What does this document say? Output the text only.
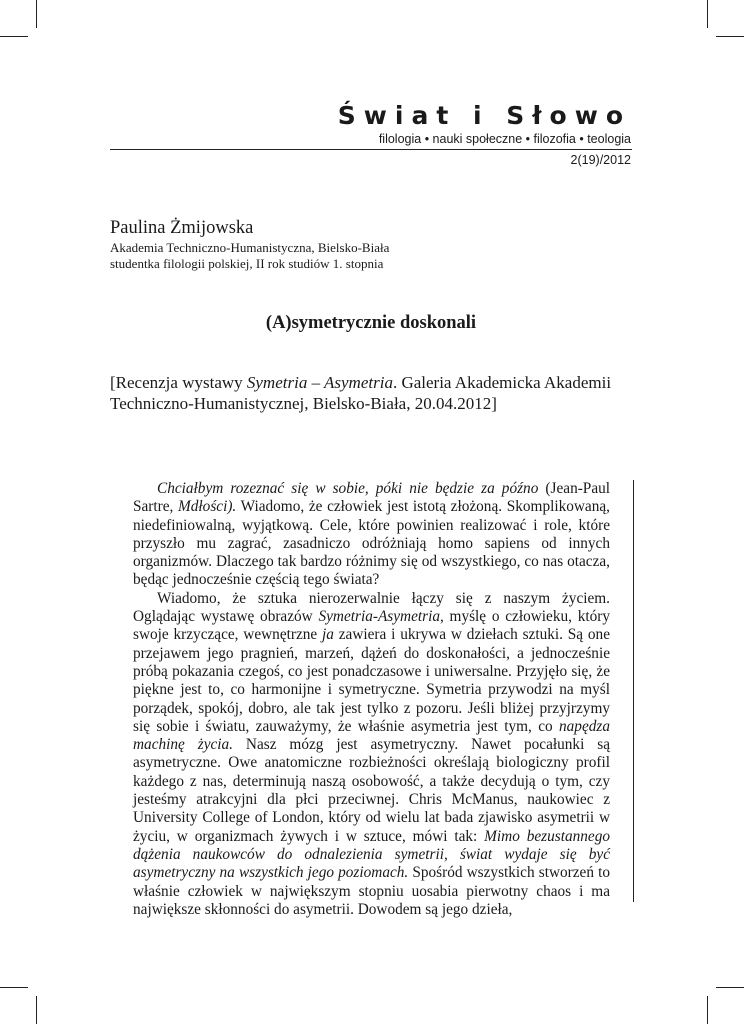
Świat i Słowo
filologia • nauki społeczne • filozofia • teologia
2(19)/2012
Paulina Żmijowska
Akademia Techniczno-Humanistyczna, Bielsko-Biała
studentka filologii polskiej, II rok studiów 1. stopnia
(A)symetrycznie doskonali
[Recenzja wystawy Symetria – Asymetria. Galeria Akademicka Akademii Techniczno-Humanistycznej, Bielsko-Biała, 20.04.2012]

Chciałbym rozeznać się w sobie, póki nie będzie za późno (Jean-Paul Sartre, Mdłości). Wiadomo, że człowiek jest istotą złożoną. Skomplikowaną, niedefiniowalną, wyjątkową. Cele, które powinien realizować i role, które przyszło mu zagrać, zasadniczo odróżniają homo sapiens od innych organizmów. Dlaczego tak bardzo różnimy się od wszystkiego, co nas otacza, będąc jednocześnie częścią tego świata?

Wiadomo, że sztuka nierozerwalnie łączy się z naszym życiem. Oglądając wystawę obrazów Symetria-Asymetria, myślę o człowieku, który swoje krzyczące, wewnętrzne ja zawiera i ukrywa w dziełach sztuki. Są one przejawem jego pragnień, marzeń, dążeń do doskonałości, a jednocześnie próbą pokazania czegoś, co jest ponadczasowe i uniwersalne. Przyjęło się, że piękne jest to, co harmonijne i symetryczne. Symetria przywodzi na myśl porządek, spokój, dobro, ale tak jest tylko z pozoru. Jeśli bliżej przyjrzymy się sobie i światu, zauważymy, że właśnie asymetria jest tym, co napędza machinę życia. Nasz mózg jest asymetryczny. Nawet pocałunki są asymetryczne. Owe anatomiczne rozbieżności określają biologiczny profil każdego z nas, determinują naszą osobowość, a także decydują o tym, czy jesteśmy atrakcyjni dla płci przeciwnej. Chris McManus, naukowiec z University College of London, który od wielu lat bada zjawisko asymetrii w życiu, w organizmach żywych i w sztuce, mówi tak: Mimo bezustannego dążenia naukowców do odnalezienia symetrii, świat wydaje się być asymetryczny na wszystkich jego poziomach. Spośród wszystkich stworzeń to właśnie człowiek w największym stopniu uosabia pierwotny chaos i ma największe skłonności do asymetrii. Dowodem są jego dzieła,
